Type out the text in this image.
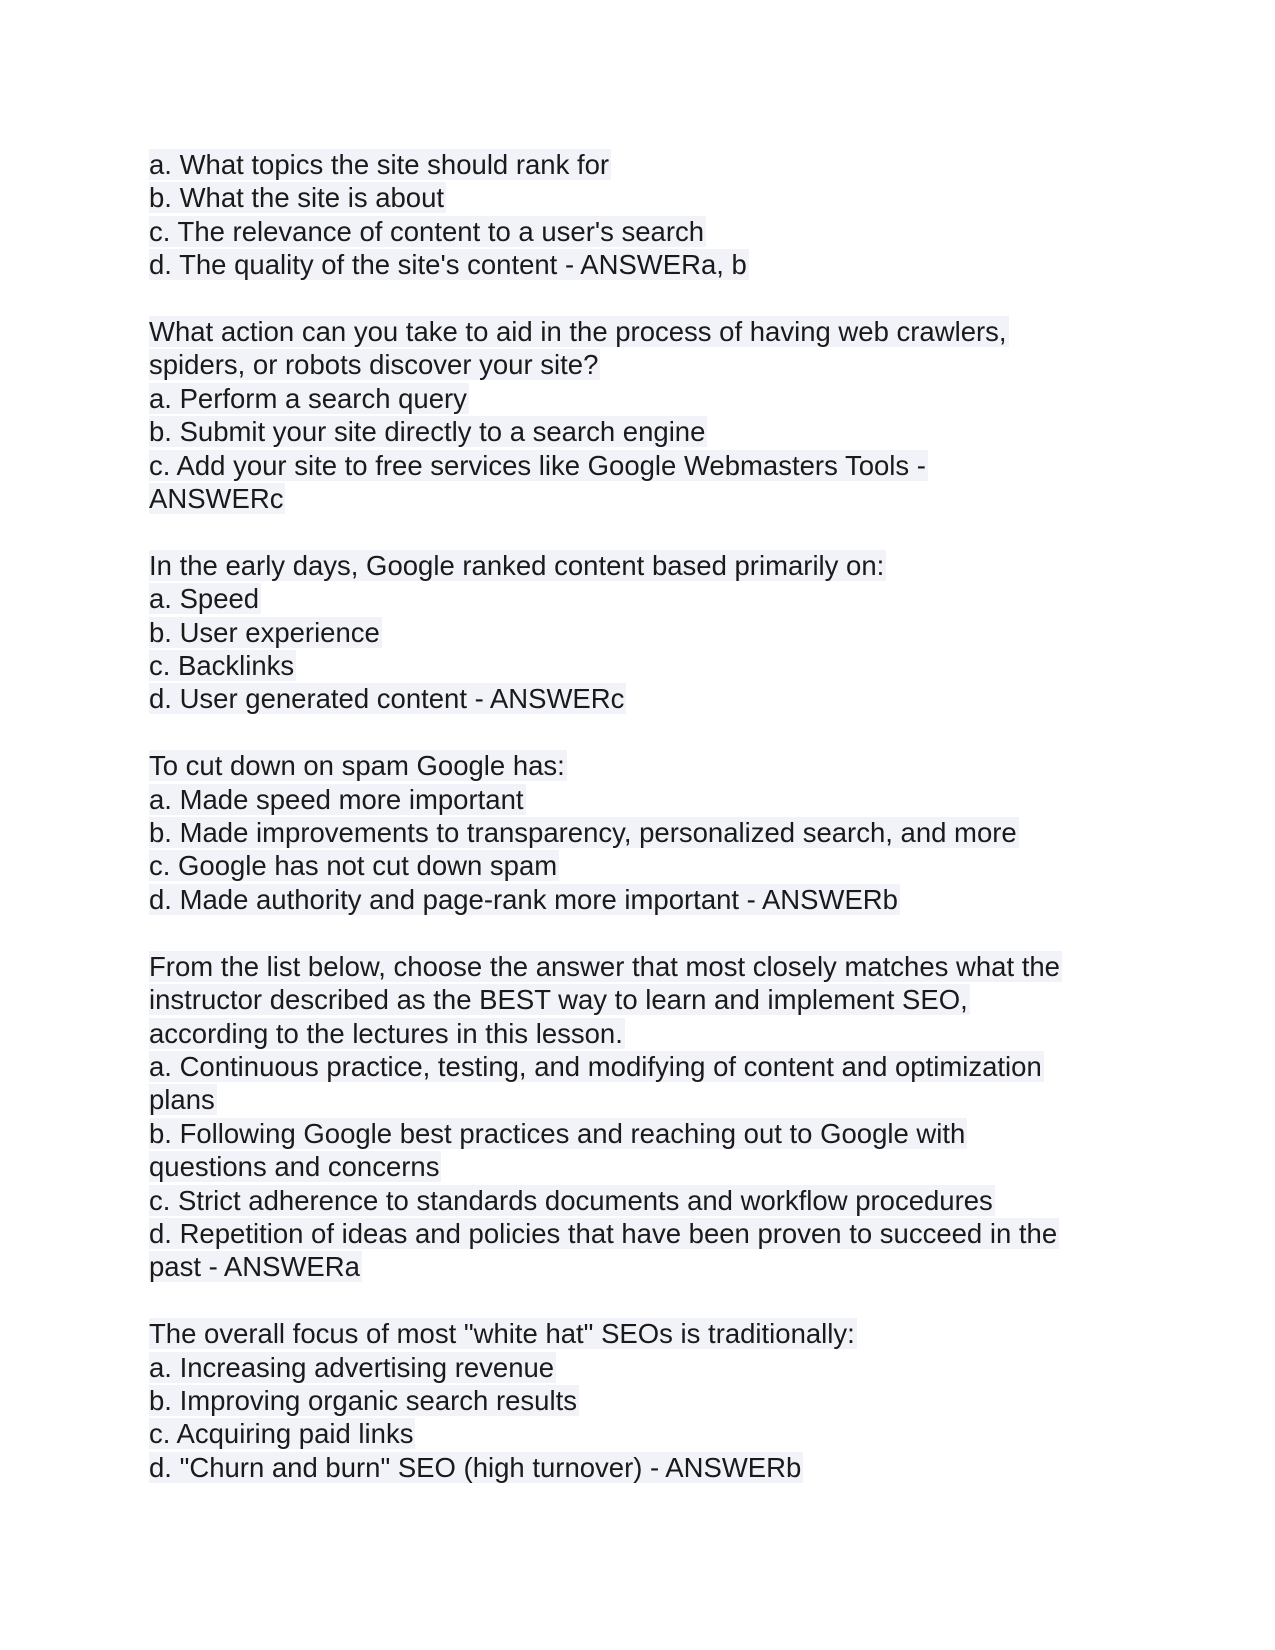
a. What topics the site should rank for
b. What the site is about
c. The relevance of content to a user's search
d. The quality of the site's content - ANSWERa, b
What action can you take to aid in the process of having web crawlers,
spiders, or robots discover your site?
a. Perform a search query
b. Submit your site directly to a search engine
c. Add your site to free services like Google Webmasters Tools -
ANSWERc
In the early days, Google ranked content based primarily on:
a. Speed
b. User experience
c. Backlinks
d. User generated content - ANSWERc
To cut down on spam Google has:
a. Made speed more important
b. Made improvements to transparency, personalized search, and more
c. Google has not cut down spam
d. Made authority and page-rank more important - ANSWERb
From the list below, choose the answer that most closely matches what the
instructor described as the BEST way to learn and implement SEO,
according to the lectures in this lesson.
a. Continuous practice, testing, and modifying of content and optimization
plans
b. Following Google best practices and reaching out to Google with
questions and concerns
c. Strict adherence to standards documents and workflow procedures
d. Repetition of ideas and policies that have been proven to succeed in the
past - ANSWERa
The overall focus of most "white hat" SEOs is traditionally:
a. Increasing advertising revenue
b. Improving organic search results
c. Acquiring paid links
d. "Churn and burn" SEO (high turnover) - ANSWERb
